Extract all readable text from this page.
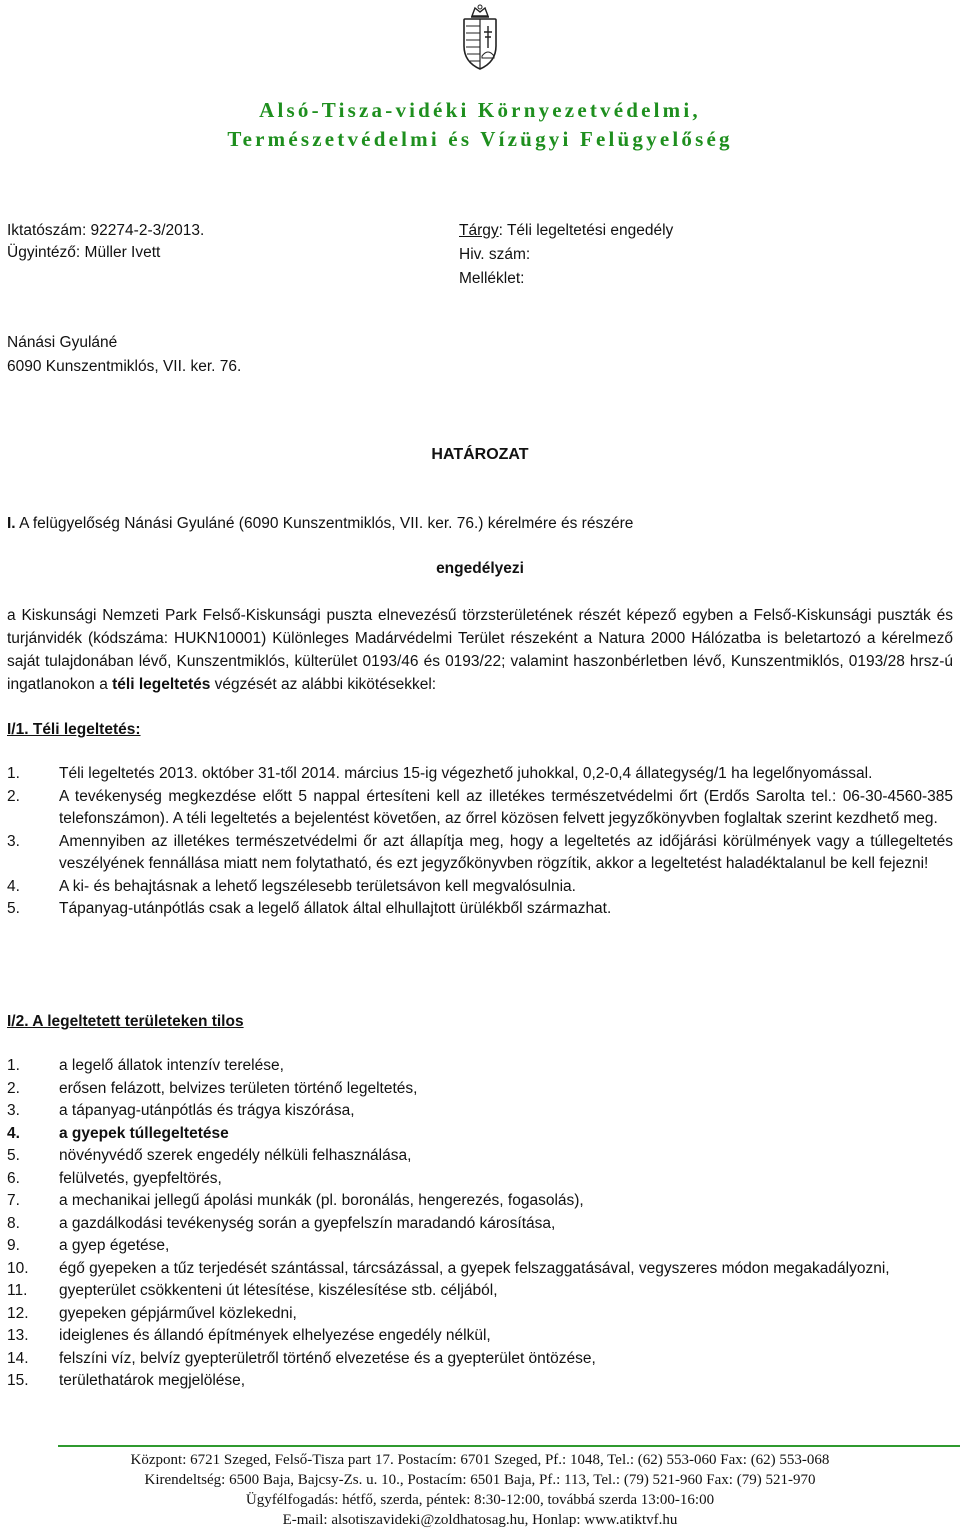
Alsó-Tisza-vidéki Környezetvédelmi,
Természetvédelmi és Vízügyi Felügyelőség
Iktatószám: 92274-2-3/2013.
Ügyintéző: Müller Ivett
Tárgy: Téli legeltetési engedély
Hiv. szám:
Melléklet:
Nánási Gyuláné
6090 Kunszentmiklós, VII. ker. 76.
HATÁROZAT
I. A felügyelőség Nánási Gyuláné (6090 Kunszentmiklós, VII. ker. 76.) kérelmére és részére
engedélyezi
a Kiskunsági Nemzeti Park Felső-Kiskunsági puszta elnevezésű törzsterületének részét képező egyben a Felső-Kiskunsági puszták és turjánvidék (kódszáma: HUKN10001) Különleges Madárvédelmi Terület részeként a Natura 2000 Hálózatba is beletartozó a kérelmező saját tulajdonában lévő, Kunszentmiklós, külterület 0193/46 és 0193/22; valamint haszonbérletben lévő, Kunszentmiklós, 0193/28 hrsz-ú ingatlanokon a téli legeltetés végzését az alábbi kikötésekkel:
I/1. Téli legeltetés:
1.	Téli legeltetés 2013. október 31-től 2014. március 15-ig végezhető juhokkal, 0,2-0,4 állategység/1 ha legelőnyomással.
2.	A tevékenység megkezdése előtt 5 nappal értesíteni kell az illetékes természetvédelmi őrt (Erdős Sarolta tel.: 06-30-4560-385 telefonszámon). A téli legeltetés a bejelentést követően, az őrrel közösen felvett jegyzőkönyvben foglaltak szerint kezdhető meg.
3.	Amennyiben az illetékes természetvédelmi őr azt állapítja meg, hogy a legeltetés az időjárási körülmények vagy a túllegeltetés veszélyének fennállása miatt nem folytatható, és ezt jegyzőkönyvben rögzítik, akkor a legeltetést haladéktalanul be kell fejezni!
4.	A ki- és behajtásnak a lehető legszélesebb területsávon kell megvalósulnia.
5.	Tápanyag-utánpótlás csak a legelő állatok által elhullajtott ürülékből származhat.
I/2. A legeltetett területeken tilos
1.	a legelő állatok intenzív terelése,
2.	erősen felázott, belvizes területen történő legeltetés,
3.	a tápanyag-utánpótlás és trágya kiszórása,
4.	a gyepek túllegeltetése
5.	növényvédő szerek engedély nélküli felhasználása,
6.	felülvetés, gyepfeltörés,
7.	a mechanikai jellegű ápolási munkák (pl. boronálás, hengerezés, fogasolás),
8.	a gazdálkodási tevékenység során a gyepfelszín maradandó károsítása,
9.	a gyep égetése,
10. égő gyepeken a tűz terjedését szántással, tárcsázással, a gyepek felszaggatásával, vegyszeres módon megakadályozni,
11. gyepterület csökkenteni út létesítése, kiszélesítése stb. céljából,
12. gyepeken gépjárművel közlekedni,
13. ideiglenes és állandó építmények elhelyezése engedély nélkül,
14. felszíni víz, belvíz gyepterületről történő elvezetése és a gyepterület öntözése,
15. területhatárok megjelölése,
Központ: 6721 Szeged, Felső-Tisza part 17. Postacím: 6701 Szeged, Pf.: 1048, Tel.: (62) 553-060 Fax: (62) 553-068
Kirendeltség: 6500 Baja, Bajcsy-Zs. u. 10., Postacím: 6501 Baja, Pf.: 113, Tel.: (79) 521-960 Fax: (79) 521-970
Ügyfélfogadás: hétfő, szerda, péntek: 8:30-12:00, továbbá szerda 13:00-16:00
E-mail: alsotiszavideki@zoldhatosag.hu, Honlap: www.atiktvf.hu
